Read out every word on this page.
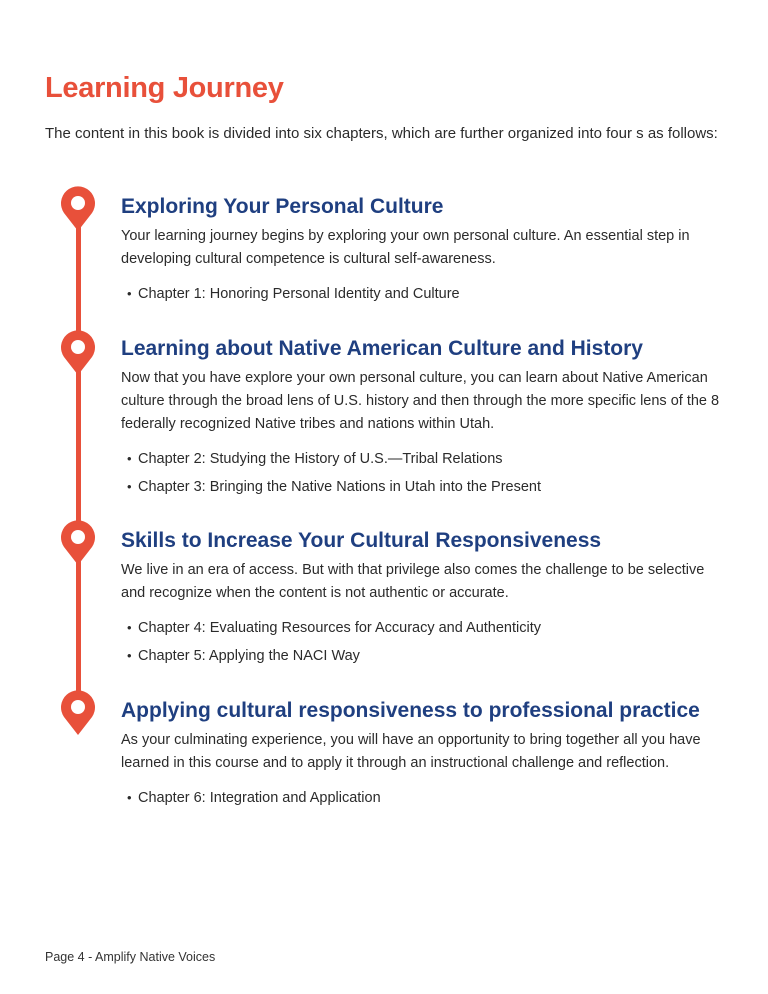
Learning Journey

The content in this book is divided into six chapters, which are further organized into four s as follows:

Exploring Your Personal Culture

Your learning journey begins by exploring your own personal culture. An essential step in developing cultural competence is cultural self-awareness.

• Chapter 1: Honoring Personal Identity and Culture
Learning about Native American Culture and History

Now that you have explore your own personal culture, you can learn about Native American culture through the broad lens of U.S. history and then through the more specific lens of the 8 federally recognized Native tribes and nations within Utah.

• Chapter 2: Studying the History of U.S.—Tribal Relations
• Chapter 3: Bringing the Native Nations in Utah into the Present
Skills to Increase Your Cultural Responsiveness

We live in an era of access. But with that privilege also comes the challenge to be selective and recognize when the content is not authentic or accurate.

• Chapter 4: Evaluating Resources for Accuracy and Authenticity
• Chapter 5: Applying the NACI Way
Applying cultural responsiveness to professional practice

As your culminating experience, you will have an opportunity to bring together all you have learned in this course and to apply it through an instructional challenge and reflection.

• Chapter 6: Integration and Application
Page 4 - Amplify Native Voices
